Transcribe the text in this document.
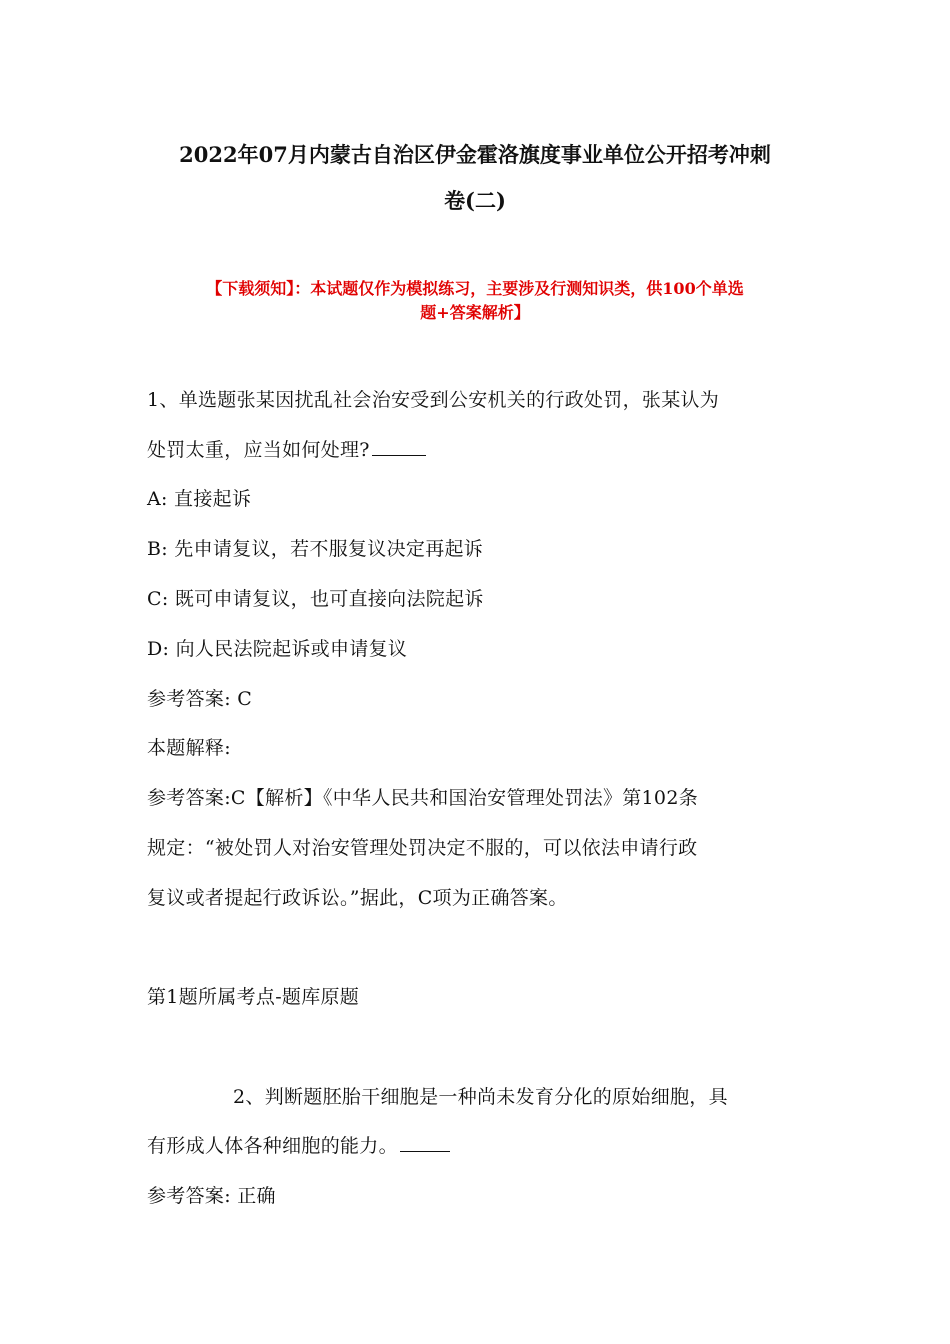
2022年07月内蒙古自治区伊金霍洛旗度事业单位公开招考冲刺
卷(二)
【下载须知】：本试题仅作为模拟练习，主要涉及行测知识类，供100个单选
题+答案解析】
1、单选题张某因扰乱社会治安受到公安机关的行政处罚，张某认为
处罚太重，应当如何处理?
A: 直接起诉
B: 先申请复议，若不服复议决定再起诉
C: 既可申请复议，也可直接向法院起诉
D: 向人民法院起诉或申请复议
参考答案: C
本题解释:
参考答案:C【解析】《中华人民共和国治安管理处罚法》第102条
规定：“被处罚人对治安管理处罚决定不服的，可以依法申请行政
复议或者提起行政诉讼。”据此，C项为正确答案。
第1题所属考点-题库原题
2、判断题胚胎干细胞是一种尚未发育分化的原始细胞，具
有形成人体各种细胞的能力。
参考答案: 正确
